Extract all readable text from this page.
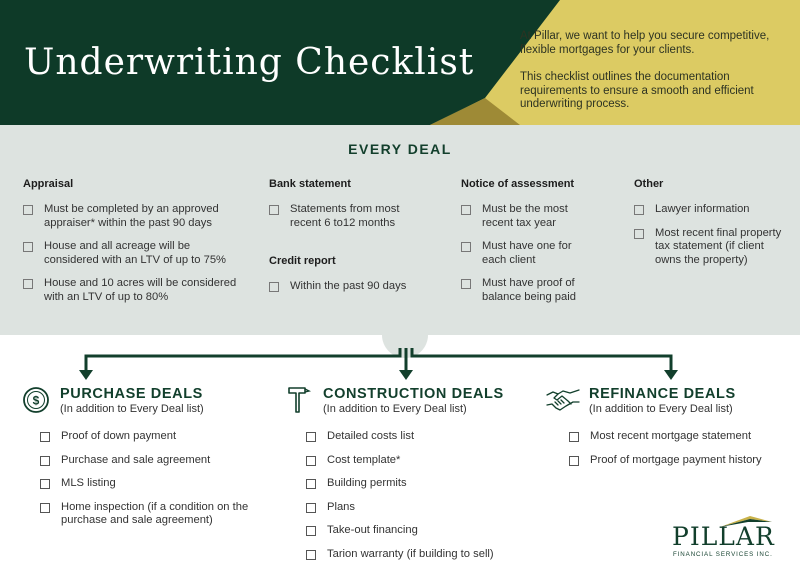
Underwriting Checklist

At Pillar, we want to help you secure competitive, flexible mortgages for your clients.

This checklist outlines the documentation requirements to ensure a smooth and efficient underwriting process.

EVERY DEAL
Appraisal
Must be completed by an approved appraiser* within the past 90 days
House and all acreage will be considered with an LTV of up to 75%
House and 10 acres will be considered with an LTV of up to 80%
Bank statement
Statements from most recent 6 to12 months
Credit report
Within the past 90 days
Notice of assessment
Must be the most recent tax year
Must have one for each client
Must have proof of balance being paid
Other
Lawyer information
Most recent final property tax statement (if client owns the property)
$ PURCHASE DEALS
(In addition to Every Deal list)
Proof of down payment
Purchase and sale agreement
MLS listing
Home inspection (if a condition on the purchase and sale agreement)
CONSTRUCTION DEALS
(In addition to Every Deal list)
Detailed costs list
Cost template*
Building permits
Plans
Take-out financing
Tarion warranty (if building to sell)
REFINANCE DEALS
(In addition to Every Deal list)
Most recent mortgage statement
Proof of mortgage payment history
PILLAR
FINANCIAL SERVICES INC.
